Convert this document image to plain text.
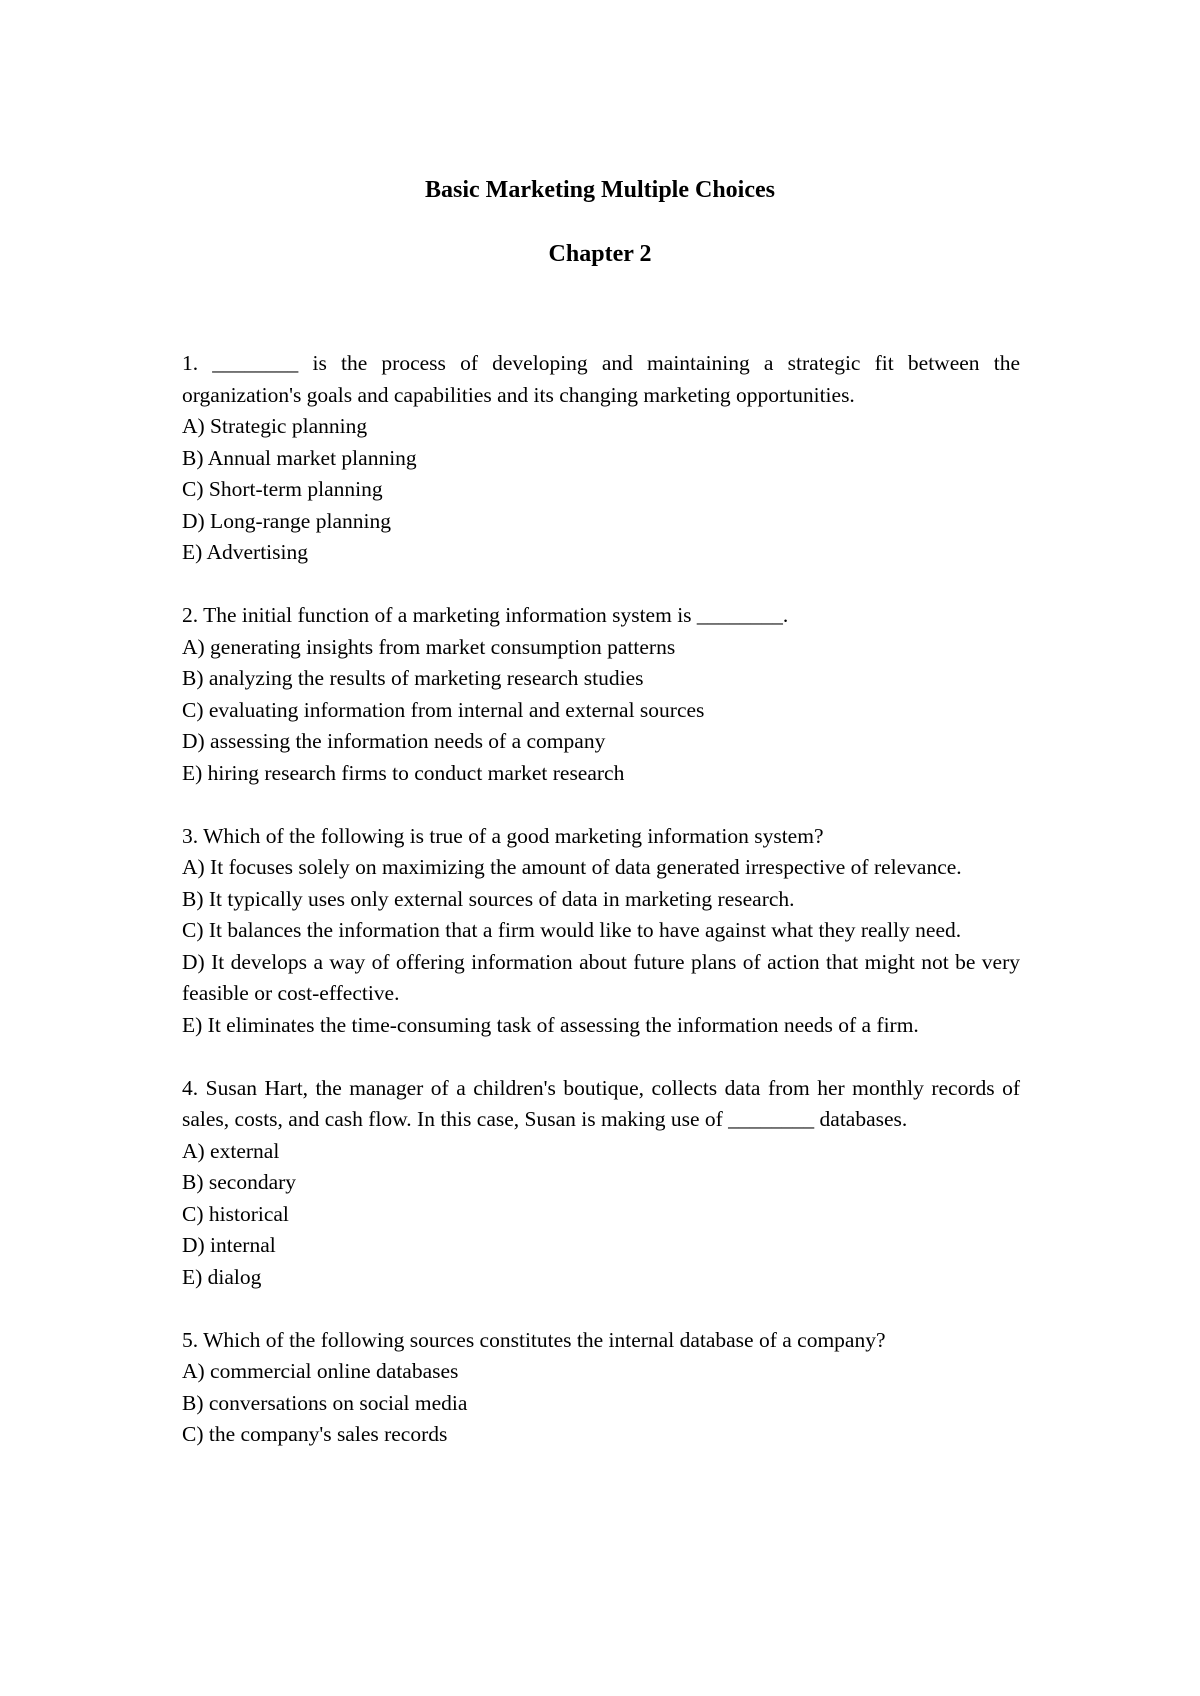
Basic Marketing Multiple Choices
Chapter 2
1. ________ is the process of developing and maintaining a strategic fit between the organization's goals and capabilities and its changing marketing opportunities.
A) Strategic planning
B) Annual market planning
C) Short-term planning
D) Long-range planning
E) Advertising
2. The initial function of a marketing information system is ________.
A) generating insights from market consumption patterns
B) analyzing the results of marketing research studies
C) evaluating information from internal and external sources
D) assessing the information needs of a company
E) hiring research firms to conduct market research
3. Which of the following is true of a good marketing information system?
A) It focuses solely on maximizing the amount of data generated irrespective of relevance.
B) It typically uses only external sources of data in marketing research.
C) It balances the information that a firm would like to have against what they really need.
D) It develops a way of offering information about future plans of action that might not be very feasible or cost-effective.
E) It eliminates the time-consuming task of assessing the information needs of a firm.
4. Susan Hart, the manager of a children's boutique, collects data from her monthly records of sales, costs, and cash flow. In this case, Susan is making use of ________ databases.
A) external
B) secondary
C) historical
D) internal
E) dialog
5. Which of the following sources constitutes the internal database of a company?
A) commercial online databases
B) conversations on social media
C) the company's sales records
